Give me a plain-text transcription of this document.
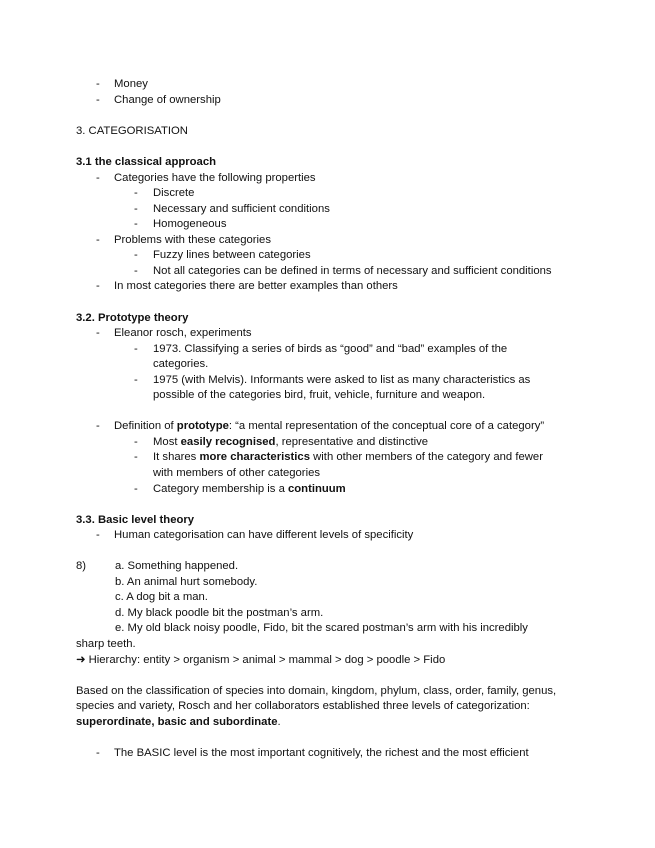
-	Money
-	Change of ownership
3. CATEGORISATION
3.1 the classical approach
-	Categories have the following properties
-	Discrete
-	Necessary and sufficient conditions
-	Homogeneous
-	Problems with these categories
-	Fuzzy lines between categories
-	Not all categories can be defined in terms of necessary and sufficient conditions
-	In most categories there are better examples than others
3.2. Prototype theory
-	Eleanor rosch, experiments
-	1973. Classifying a series of birds as “good” and “bad” examples of the
categories.
-	1975 (with Melvis). Informants were asked to list as many characteristics as
possible of the categories bird, fruit, vehicle, furniture and weapon.
-	Definition of prototype: “a mental representation of the conceptual core of a category”
-	Most easily recognised, representative and distinctive
-	It shares more characteristics with other members of the category and fewer
with members of other categories
-	Category membership is a continuum
3.3. Basic level theory
-	Human categorisation can have different levels of specificity
8)	a. Something happened.
b. An animal hurt somebody.
c. A dog bit a man.
d. My black poodle bit the postman’s arm.
e. My old black noisy poodle, Fido, bit the scared postman’s arm with his incredibly
sharp teeth.
➜ Hierarchy: entity > organism > animal > mammal > dog > poodle > Fido
Based on the classification of species into domain, kingdom, phylum, class, order, family, genus,
species and variety, Rosch and her collaborators established three levels of categorization:
superordinate, basic and subordinate.
-	The BASIC level is the most important cognitively, the richest and the most efficient
